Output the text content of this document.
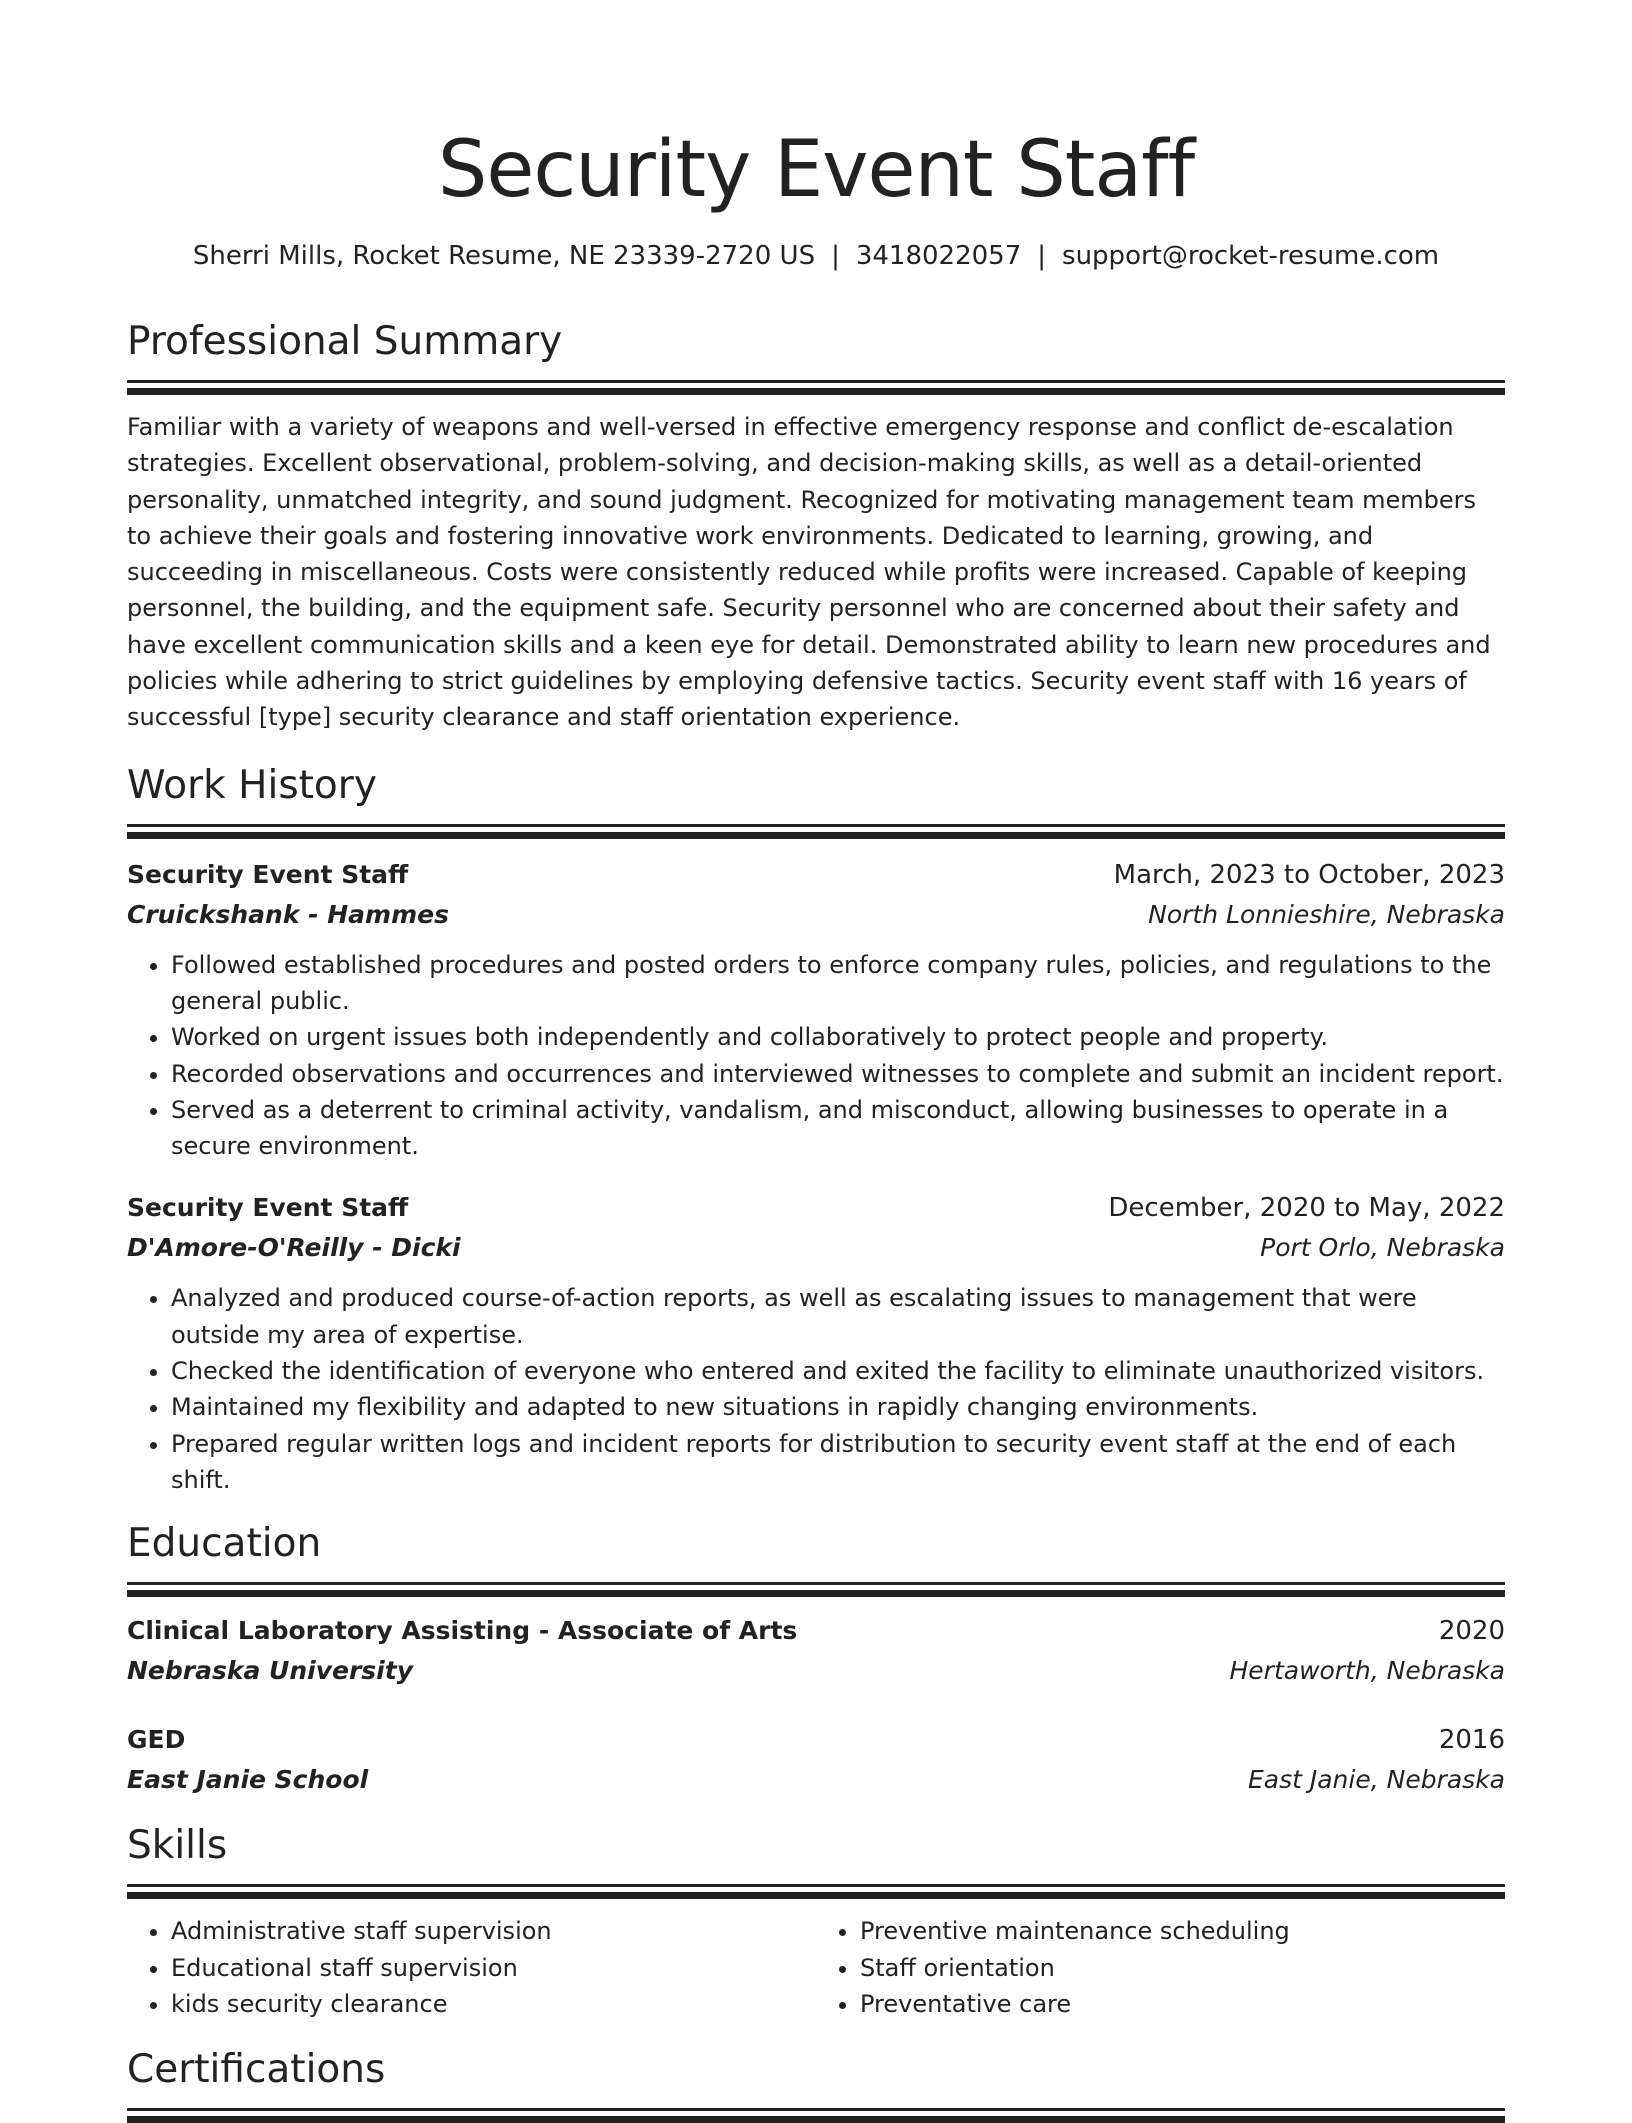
Security Event Staff
Sherri Mills, Rocket Resume, NE 23339-2720 US | 3418022057 | support@rocket-resume.com
Professional Summary

Familiar with a variety of weapons and well-versed in effective emergency response and conflict de-escalation strategies. Excellent observational, problem-solving, and decision-making skills, as well as a detail-oriented personality, unmatched integrity, and sound judgment. Recognized for motivating management team members to achieve their goals and fostering innovative work environments. Dedicated to learning, growing, and succeeding in miscellaneous. Costs were consistently reduced while profits were increased. Capable of keeping personnel, the building, and the equipment safe. Security personnel who are concerned about their safety and have excellent communication skills and a keen eye for detail. Demonstrated ability to learn new procedures and policies while adhering to strict guidelines by employing defensive tactics. Security event staff with 16 years of successful [type] security clearance and staff orientation experience.

Work History
Security Event Staff	March, 2023 to October, 2023
Cruickshank - Hammes	North Lonnieshire, Nebraska
• Followed established procedures and posted orders to enforce company rules, policies, and regulations to the general public.
• Worked on urgent issues both independently and collaboratively to protect people and property.
• Recorded observations and occurrences and interviewed witnesses to complete and submit an incident report.
• Served as a deterrent to criminal activity, vandalism, and misconduct, allowing businesses to operate in a secure environment.
Security Event Staff	December, 2020 to May, 2022
D'Amore-O'Reilly - Dicki	Port Orlo, Nebraska
• Analyzed and produced course-of-action reports, as well as escalating issues to management that were outside my area of expertise.
• Checked the identification of everyone who entered and exited the facility to eliminate unauthorized visitors.
• Maintained my flexibility and adapted to new situations in rapidly changing environments.
• Prepared regular written logs and incident reports for distribution to security event staff at the end of each shift.
Education
Clinical Laboratory Assisting - Associate of Arts	2020
Nebraska University	Hertaworth, Nebraska
GED	2016
East Janie School	East Janie, Nebraska
Skills
• Administrative staff supervision
• Educational staff supervision
• kids security clearance
• Preventive maintenance scheduling
• Staff orientation
• Preventative care
Certifications
